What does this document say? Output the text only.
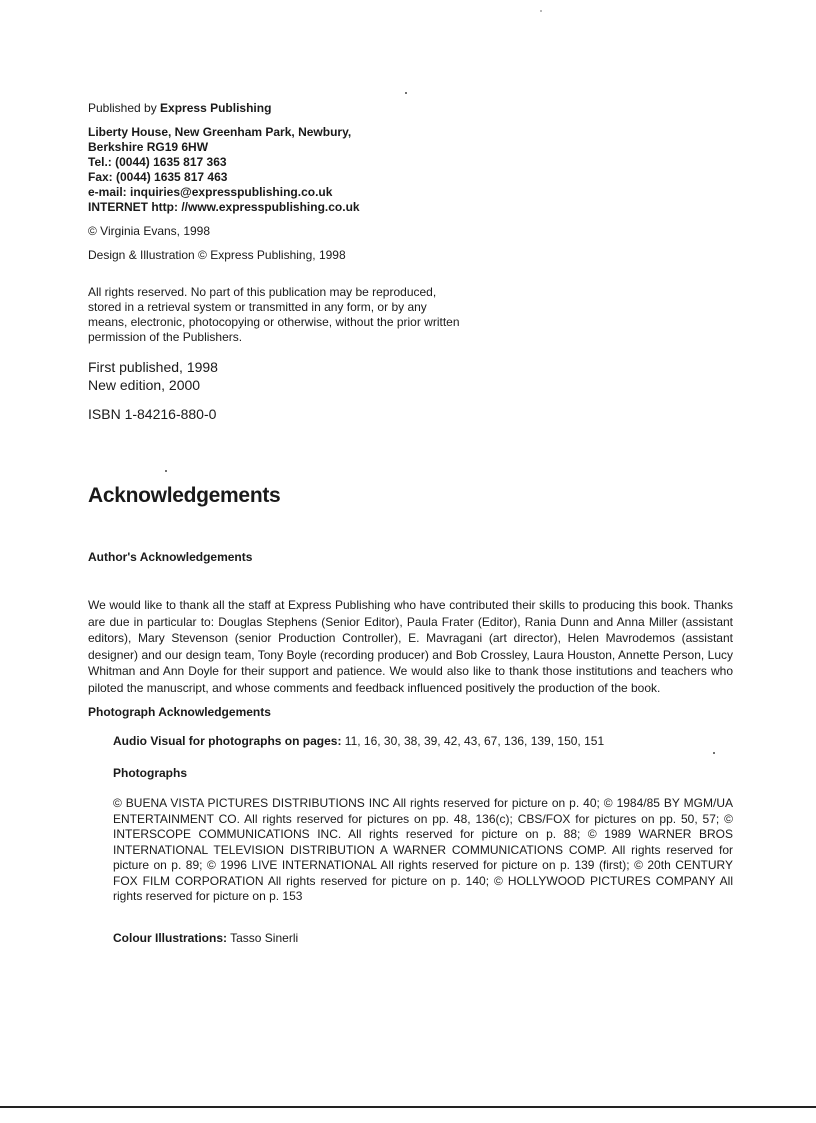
Published by Express Publishing

Liberty House, New Greenham Park, Newbury,

Berkshire RG19 6HW

Tel.: (0044) 1635 817 363

Fax: (0044) 1635 817 463

e-mail: inquiries@expresspublishing.co.uk

INTERNET http: //www.expresspublishing.co.uk

© Virginia Evans, 1998

Design & Illustration © Express Publishing, 1998

All rights reserved. No part of this publication may be reproduced, stored in a retrieval system or transmitted in any form, or by any means, electronic, photocopying or otherwise, without the prior written permission of the Publishers.

First published, 1998

New edition, 2000

ISBN 1-84216-880-0

Acknowledgements
Author's Acknowledgements

We would like to thank all the staff at Express Publishing who have contributed their skills to producing this book. Thanks are due in particular to: Douglas Stephens (Senior Editor), Paula Frater (Editor), Rania Dunn and Anna Miller (assistant editors), Mary Stevenson (senior Production Controller), E. Mavragani (art director), Helen Mavrodemos (assistant designer) and our design team, Tony Boyle (recording producer) and Bob Crossley, Laura Houston, Annette Person, Lucy Whitman and Ann Doyle for their support and patience. We would also like to thank those institutions and teachers who piloted the manuscript, and whose comments and feedback influenced positively the production of the book.

Photograph Acknowledgements

Audio Visual for photographs on pages: 11, 16, 30, 38, 39, 42, 43, 67, 136, 139, 150, 151

Photographs

© BUENA VISTA PICTURES DISTRIBUTIONS INC All rights reserved for picture on p. 40; © 1984/85 BY MGM/UA ENTERTAINMENT CO. All rights reserved for pictures on pp. 48, 136(c); CBS/FOX for pictures on pp. 50, 57; © INTERSCOPE COMMUNICATIONS INC. All rights reserved for picture on p. 88; © 1989 WARNER BROS INTERNATIONAL TELEVISION DISTRIBUTION A WARNER COMMUNICATIONS COMP. All rights reserved for picture on p. 89; © 1996 LIVE INTERNATIONAL All rights reserved for picture on p. 139 (first); © 20th CENTURY FOX FILM CORPORATION All rights reserved for picture on p. 140; © HOLLYWOOD PICTURES COMPANY All rights reserved for picture on p. 153

Colour Illustrations: Tasso Sinerli
